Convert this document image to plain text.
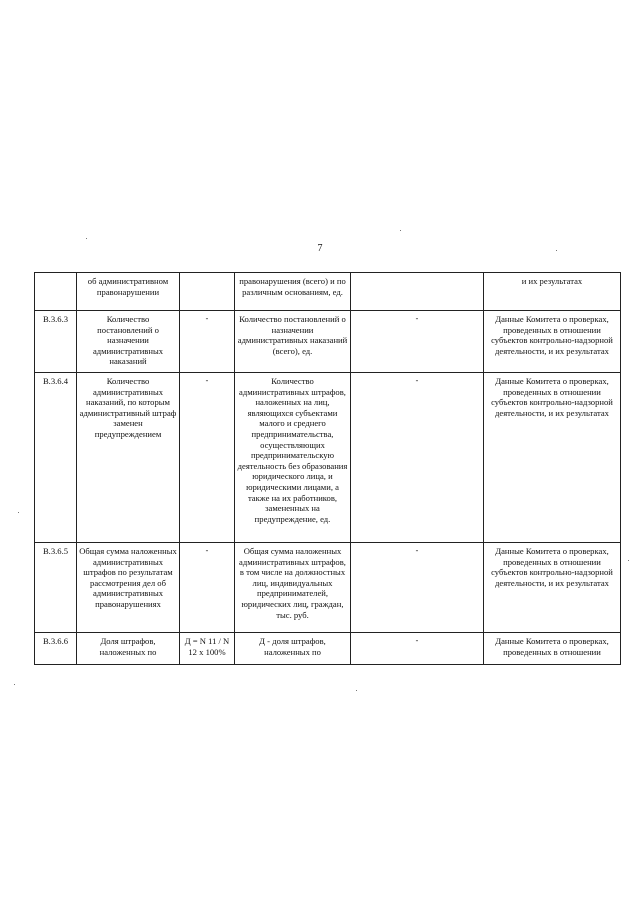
7
	об административном правонарушении		правонарушения (всего) и по различным основаниям, ед.		и их результатах
В.3.6.3	Количество постановлений о назначении административных наказаний	-	Количество постановлений о назначении административных наказаний (всего), ед.	-	Данные Комитета о проверках, проведенных в отношении субъектов контрольно-надзорной деятельности, и их результатах
В.3.6.4	Количество административных наказаний, по которым административный штраф заменен предупреждением	-	Количество административных штрафов, наложенных на лиц, являющихся субъектами малого и среднего предпринимательства, осуществляющих предпринимательскую деятельность без образования юридического лица, и юридическими лицами, а также на их работников, замененных на предупреждение, ед.	-	Данные Комитета о проверках, проведенных в отношении субъектов контрольно-надзорной деятельности, и их результатах
В.3.6.5	Общая сумма наложенных административных штрафов по результатам рассмотрения дел об административных правонарушениях	-	Общая сумма наложенных административных штрафов, в том числе на должностных лиц, индивидуальных предпринимателей, юридических лиц, граждан, тыс. руб.	-	Данные Комитета о проверках, проведенных в отношении субъектов контрольно-надзорной деятельности, и их результатах
В.3.6.6	Доля штрафов, наложенных по	Д = N 11 / N 12 x 100%	Д - доля штрафов, наложенных по	-	Данные Комитета о проверках, проведенных в отношении
